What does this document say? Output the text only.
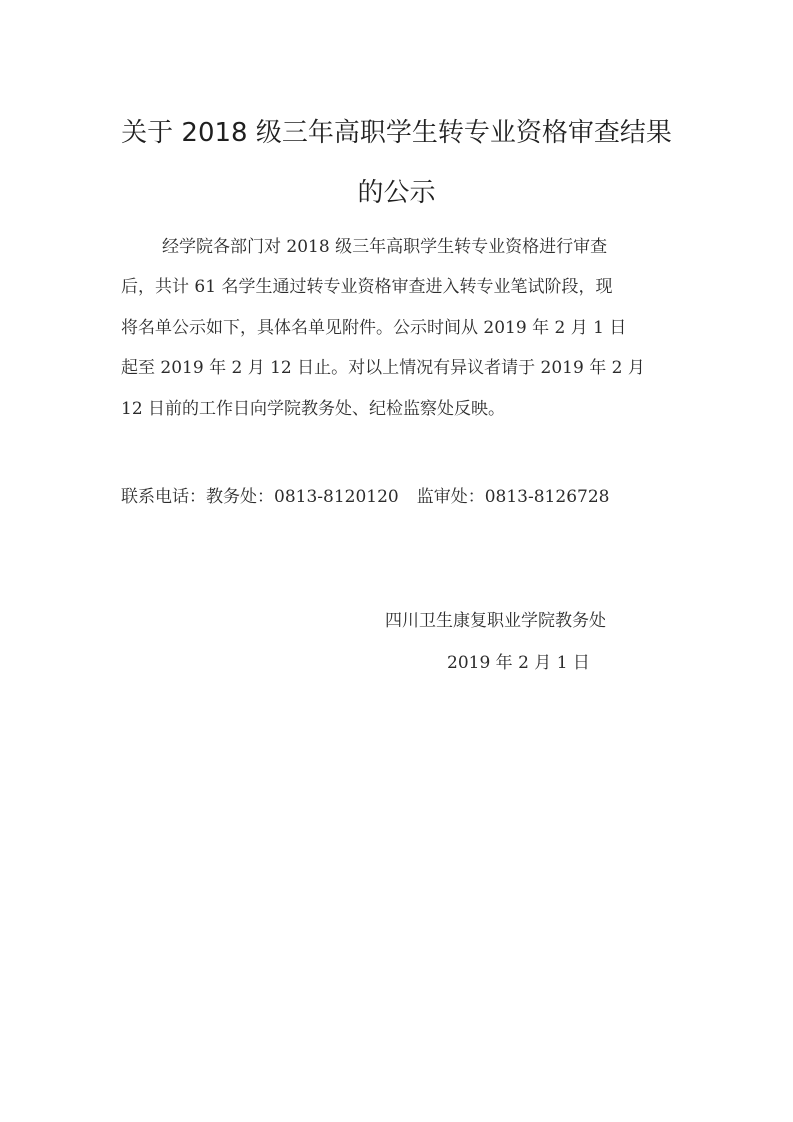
关于 2018 级三年高职学生转专业资格审查结果
的公示

经学院各部门对 2018 级三年高职学生转专业资格进行审查

后，共计 61 名学生通过转专业资格审查进入转专业笔试阶段，现

将名单公示如下，具体名单见附件。公示时间从 2019 年 2 月 1 日

起至 2019 年 2 月 12 日止。对以上情况有异议者请于 2019 年 2 月

12 日前的工作日向学院教务处、纪检监察处反映。

联系电话：教务处：0813-8120120 监审处：0813-8126728
四川卫生康复职业学院教务处
2019 年 2 月 1 日
